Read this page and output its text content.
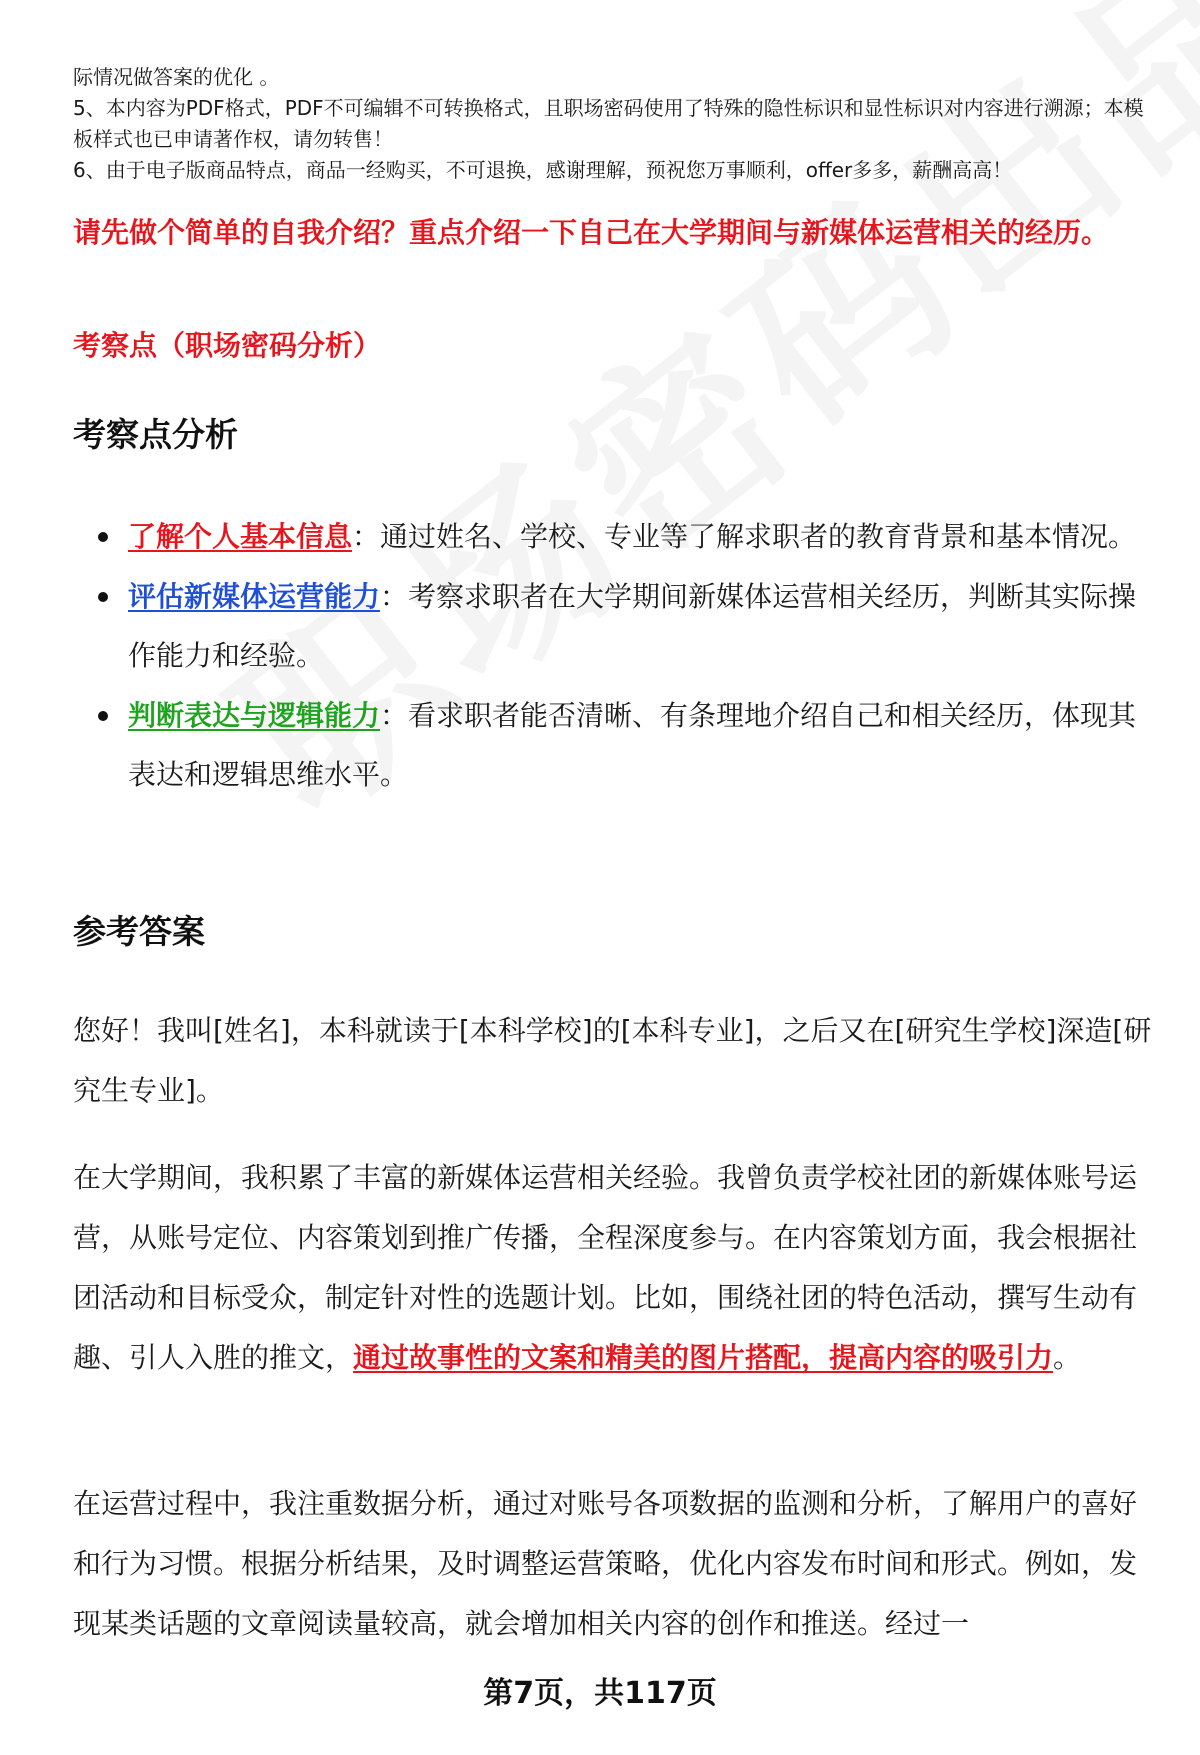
际情况做答案的优化 。

5、本内容为PDF格式，PDF不可编辑不可转换格式，且职场密码使用了特殊的隐性标识和显性标识对内容进行溯源；本模板样式也已申请著作权，请勿转售！

6、由于电子版商品特点，商品一经购买，不可退换，感谢理解，预祝您万事顺利，offer多多，薪酬高高！

请先做个简单的自我介绍？重点介绍一下自己在大学期间与新媒体运营相关的经历。

考察点（职场密码分析）

考察点分析
了解个人基本信息：通过姓名、学校、专业等了解求职者的教育背景和基本情况。
评估新媒体运营能力：考察求职者在大学期间新媒体运营相关经历，判断其实际操作能力和经验。
判断表达与逻辑能力：看求职者能否清晰、有条理地介绍自己和相关经历，体现其表达和逻辑思维水平。
参考答案

您好！我叫[姓名]，本科就读于[本科学校]的[本科专业]，之后又在[研究生学校]深造[研究生专业]。

在大学期间，我积累了丰富的新媒体运营相关经验。我曾负责学校社团的新媒体账号运营，从账号定位、内容策划到推广传播，全程深度参与。在内容策划方面，我会根据社团活动和目标受众，制定针对性的选题计划。比如，围绕社团的特色活动，撰写生动有趣、引人入胜的推文，通过故事性的文案和精美的图片搭配，提高内容的吸引力。

在运营过程中，我注重数据分析，通过对账号各项数据的监测和分析，了解用户的喜好和行为习惯。根据分析结果，及时调整运营策略，优化内容发布时间和形式。例如，发现某类话题的文章阅读量较高，就会增加相关内容的创作和推送。经过一

第7页，共117页
